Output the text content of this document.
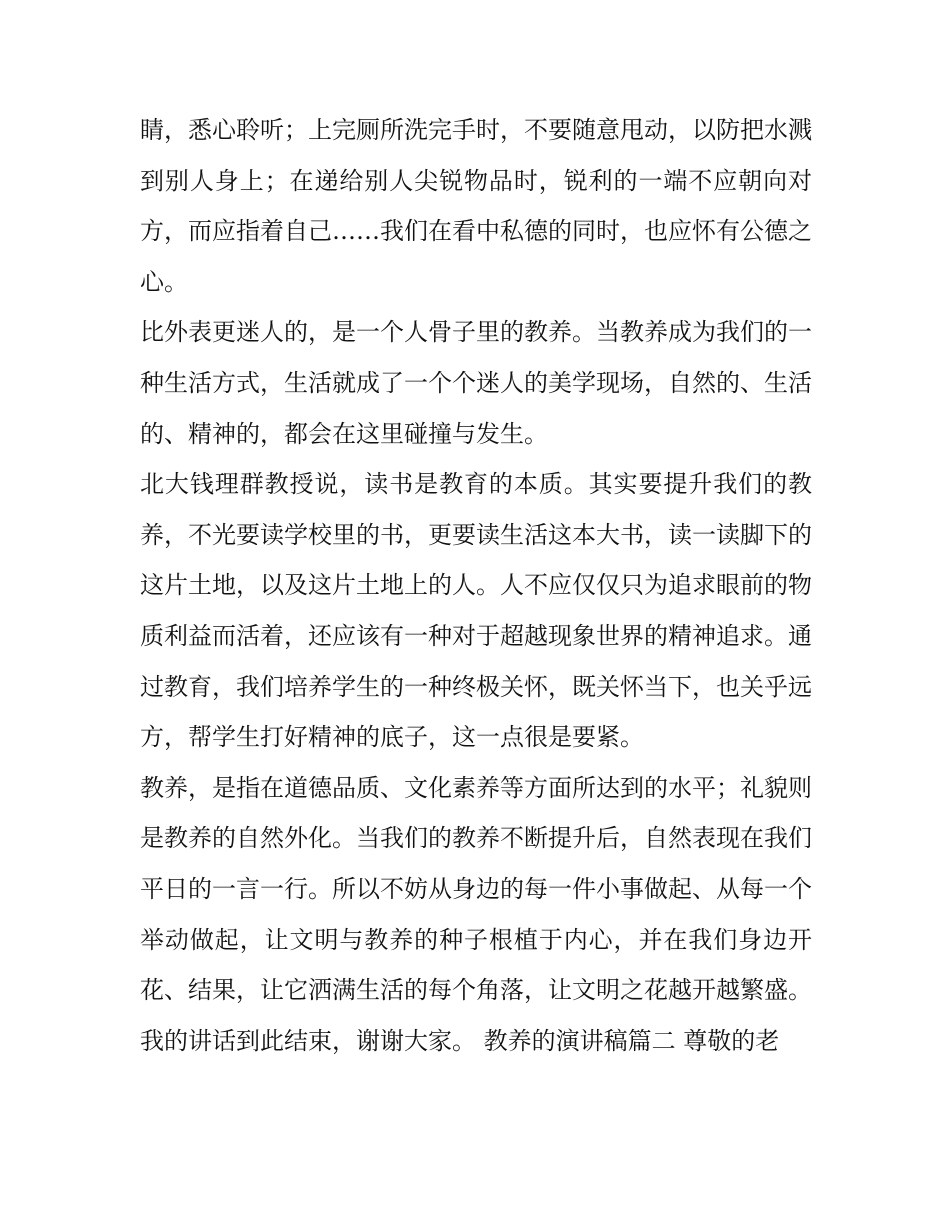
睛，悉心聆听；上完厕所洗完手时，不要随意甩动，以防把水溅到别人身上；在递给别人尖锐物品时，锐利的一端不应朝向对方，而应指着自己……我们在看中私德的同时，也应怀有公德之心。

比外表更迷人的，是一个人骨子里的教养。当教养成为我们的一种生活方式，生活就成了一个个迷人的美学现场，自然的、生活的、精神的，都会在这里碰撞与发生。

北大钱理群教授说，读书是教育的本质。其实要提升我们的教养，不光要读学校里的书，更要读生活这本大书，读一读脚下的这片土地，以及这片土地上的人。人不应仅仅只为追求眼前的物质利益而活着，还应该有一种对于超越现象世界的精神追求。通过教育，我们培养学生的一种终极关怀，既关怀当下，也关乎远方，帮学生打好精神的底子，这一点很是要紧。

教养，是指在道德品质、文化素养等方面所达到的水平；礼貌则是教养的自然外化。当我们的教养不断提升后，自然表现在我们平日的一言一行。所以不妨从身边的每一件小事做起、从每一个举动做起，让文明与教养的种子根植于内心，并在我们身边开花、结果，让它洒满生活的每个角落，让文明之花越开越繁盛。

我的讲话到此结束，谢谢大家。 教养的演讲稿篇二 尊敬的老
